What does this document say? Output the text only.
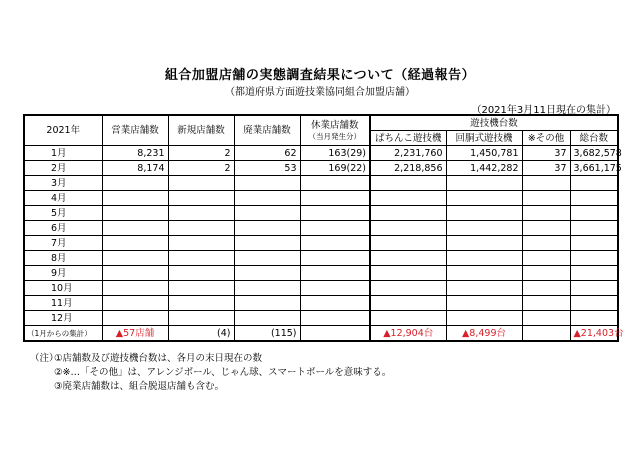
組合加盟店舗の実態調査結果について（経過報告）
（都道府県方面遊技業協同組合加盟店舗）
（2021年3月11日現在の集計）
2021年	営業店舗数	新規店舗数	廃業店舗数	休業店舗数
（当月発生分）	遊技機台数			
					ぱちんこ遊技機	回胴式遊技機	※その他	総台数
1月	8,231	2	62	163(29)	2,231,760	1,450,781	37	3,682,578
2月	8,174	2	53	169(22)	2,218,856	1,442,282	37	3,661,175
3月								
4月								
5月								
6月								
7月								
8月								
9月								
10月								
11月								
12月								
（1月からの集計）	▲57店舗	(4)	(115)		▲12,904台	▲8,499台		▲21,403台
（注）
①店舗数及び遊技機台数は、各月の末日現在の数
②※…「その他」は、アレンジボール、じゃん球、スマートボールを意味する。
③廃業店舗数は、組合脱退店舗も含む。
